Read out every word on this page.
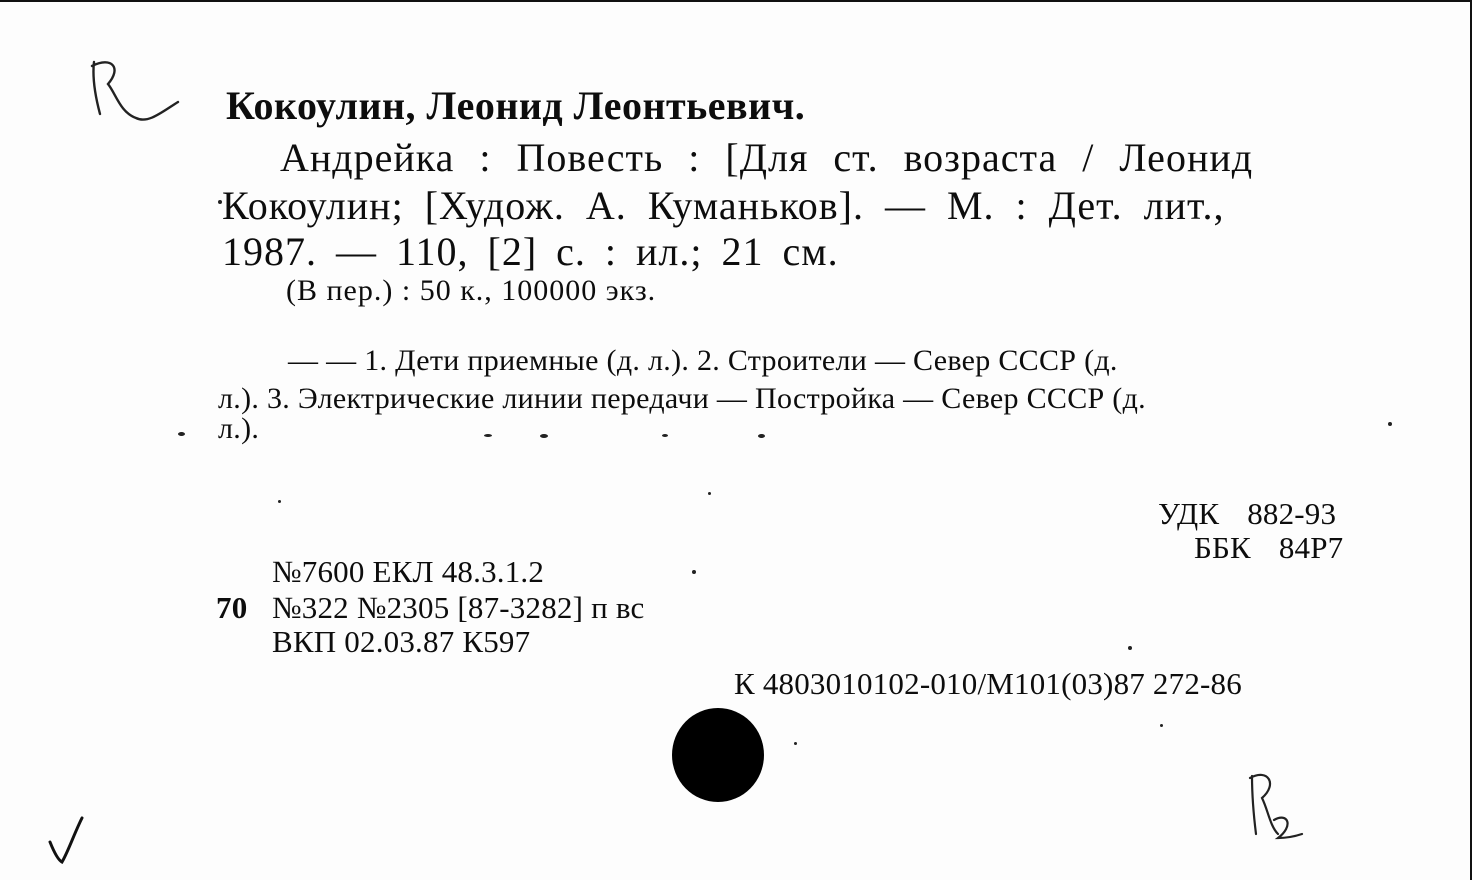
Кокоулин, Леонид Леонтьевич.
Андрейка : Повесть : [Для ст. возраста / Леонид
Кокоулин; [Худож. А. Куманьков]. — М. : Дет. лит.,
1987. — 110, [2] с. : ил.; 21 см.
(В пер.) : 50 к., 100000 экз.
— — 1. Дети приемные (д. л.). 2. Строители — Север СССР (д.
л.). 3. Электрические линии передачи — Постройка — Север СССР (д.
л.).
УДК 882-93
ББК 84Р7
№7600 ЕКЛ 48.3.1.2
70 №322 №2305 [87-3282] п вс
ВКП 02.03.87 К597
К 4803010102-010/М101(03)87 272-86
